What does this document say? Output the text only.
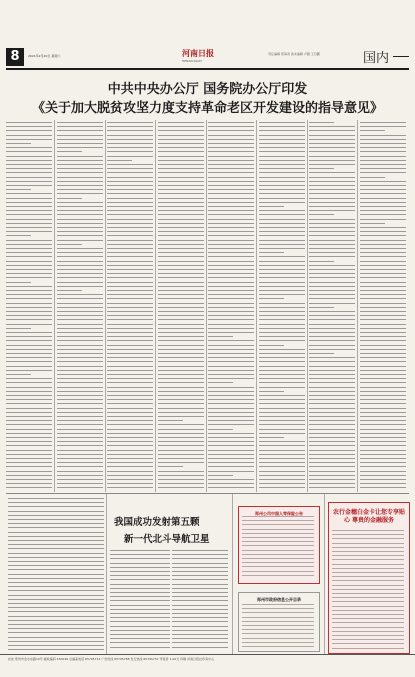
8	2021年2月20日 星期六	河南日报
HENAN DAILY
责任编辑 郑海涛 美术编辑 卢薇 王丹鹏	国内
中共中央办公厅 国务院办公厅印发
《关于加大脱贫攻坚力度支持革命老区开发建设的指导意见》
我国成功发射第五颗
新一代北斗导航卫星
郑州公司中国人寿保险公告
郑州市政府信息公开目录
农行金穗白金卡让您专享贴心 尊贵的金融服务
社址 郑州市金水东路19号 邮政编码 450046 总编室电话 65795713 广告热线 65795788 发行热线 65795757 零售价 1.00元 印刷 河南日报社印务中心
